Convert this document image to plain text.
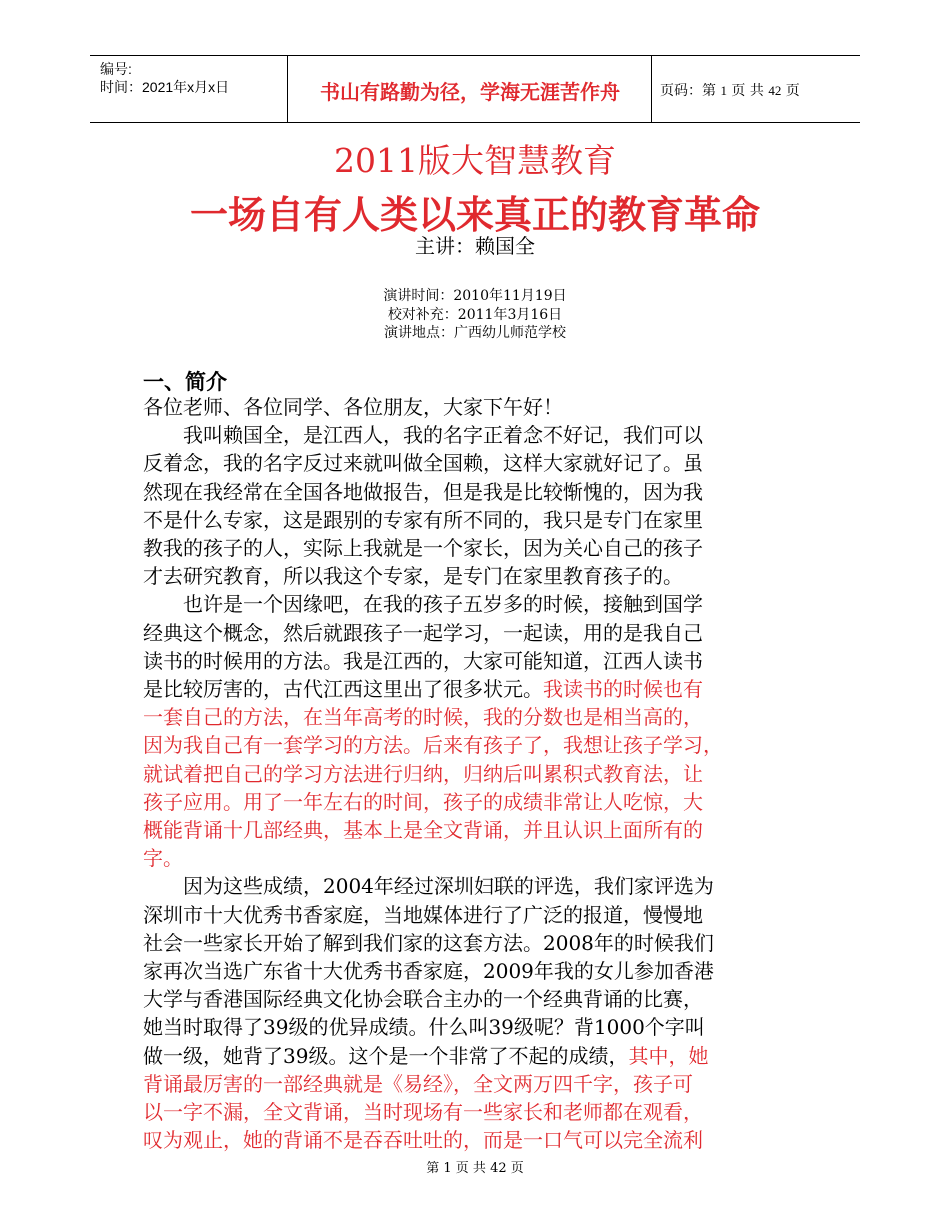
编号:
时间：2021年x月x日	书山有路勤为径，学海无涯苦作舟	页码：第 1 页 共 42 页
2011版大智慧教育
一场自有人类以来真正的教育革命
主讲：赖国全
演讲时间：2010年11月19日
校对补充：2011年3月16日
演讲地点：广西幼儿师范学校
一、简介
各位老师、各位同学、各位朋友，大家下午好！
　　我叫赖国全，是江西人，我的名字正着念不好记，我们可以
反着念，我的名字反过来就叫做全国赖，这样大家就好记了。虽
然现在我经常在全国各地做报告，但是我是比较惭愧的，因为我
不是什么专家，这是跟别的专家有所不同的，我只是专门在家里
教我的孩子的人，实际上我就是一个家长，因为关心自己的孩子
才去研究教育，所以我这个专家，是专门在家里教育孩子的。
　　也许是一个因缘吧，在我的孩子五岁多的时候，接触到国学
经典这个概念，然后就跟孩子一起学习，一起读，用的是我自己
读书的时候用的方法。我是江西的，大家可能知道，江西人读书
是比较厉害的，古代江西这里出了很多状元。我读书的时候也有
一套自己的方法，在当年高考的时候，我的分数也是相当高的，
因为我自己有一套学习的方法。后来有孩子了，我想让孩子学习，
就试着把自己的学习方法进行归纳，归纳后叫累积式教育法，让
孩子应用。用了一年左右的时间，孩子的成绩非常让人吃惊，大
概能背诵十几部经典，基本上是全文背诵，并且认识上面所有的
字。
　　因为这些成绩，2004年经过深圳妇联的评选，我们家评选为
深圳市十大优秀书香家庭，当地媒体进行了广泛的报道，慢慢地
社会一些家长开始了解到我们家的这套方法。2008年的时候我们
家再次当选广东省十大优秀书香家庭，2009年我的女儿参加香港
大学与香港国际经典文化协会联合主办的一个经典背诵的比赛，
她当时取得了39级的优异成绩。什么叫39级呢？背1000个字叫
做一级，她背了39级。这个是一个非常了不起的成绩，其中，她
背诵最厉害的一部经典就是《易经》，全文两万四千字，孩子可
以一字不漏，全文背诵，当时现场有一些家长和老师都在观看，
叹为观止，她的背诵不是吞吞吐吐的，而是一口气可以完全流利
第 1 页 共 42 页
